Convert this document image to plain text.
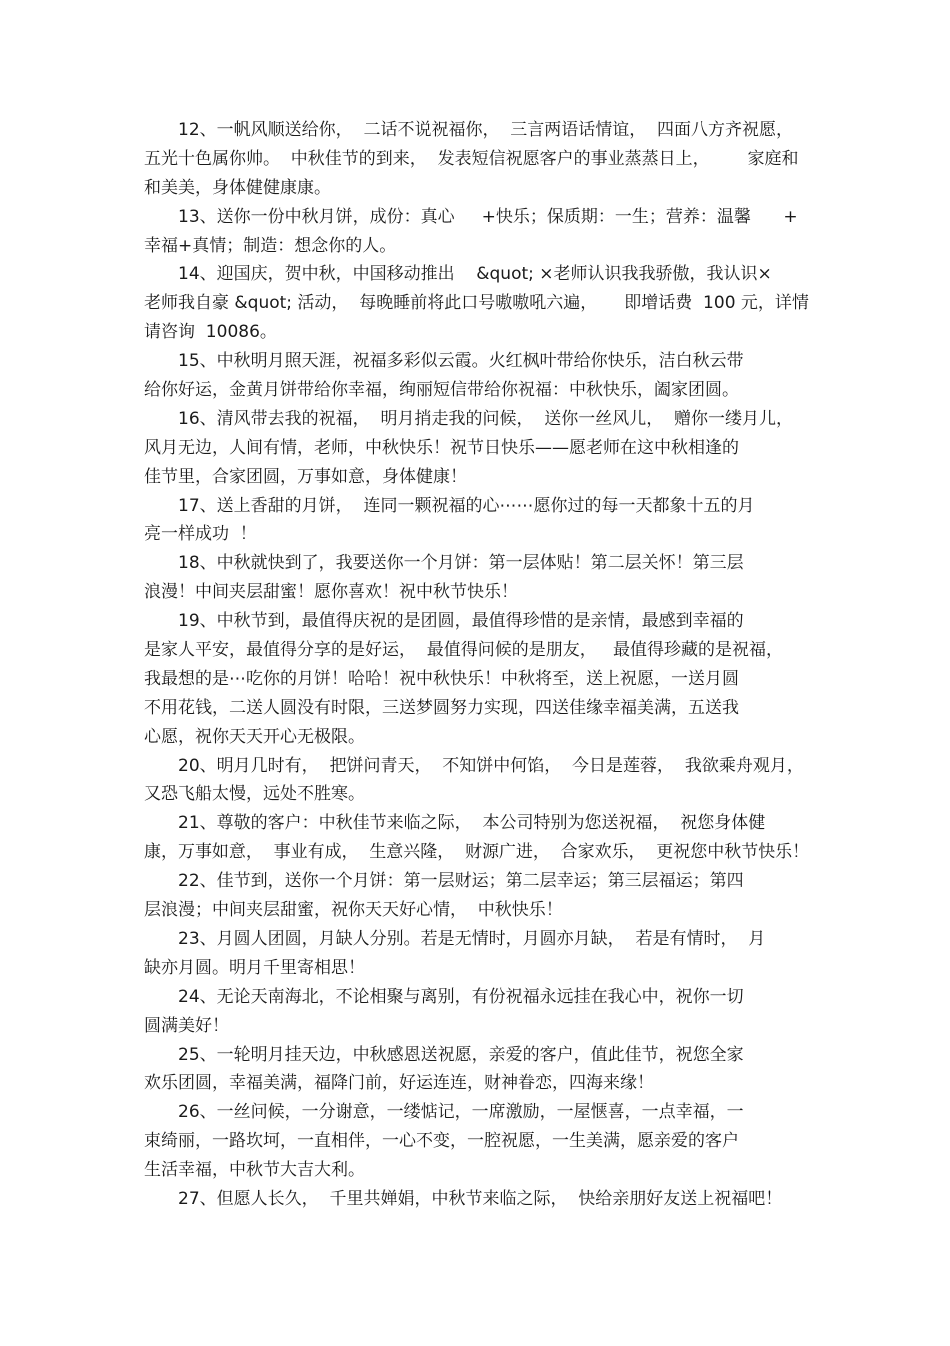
12、一帆风顺送给你，  二话不说祝福你，  三言两语话情谊，  四面八方齐祝愿，
五光十色属你帅。  中秋佳节的到来，  发表短信祝愿客户的事业蒸蒸日上，       家庭和
和美美，身体健健康康。
13、送你一份中秋月饼，成份：真心     +快乐；保质期：一生；营养：温馨      +
幸福+真情；制造：想念你的人。
14、迎国庆，贺中秋，中国移动推出    &quot; ×老师认识我我骄傲，我认识×
老师我自豪 &quot; 活动，  每晚睡前将此口号嗷嗷吼六遍，     即增话费  100 元，详情
请咨询  10086。
15、中秋明月照天涯，祝福多彩似云霞。火红枫叶带给你快乐，洁白秋云带
给你好运，金黄月饼带给你幸福，绚丽短信带给你祝福：中秋快乐，阖家团圆。
16、清风带去我的祝福，  明月捎走我的问候，  送你一丝风儿，  赠你一缕月儿，
风月无边，人间有情，老师，中秋快乐！祝节日快乐——愿老师在这中秋相逢的
佳节里，合家团圆，万事如意，身体健康！
17、送上香甜的月饼，  连同一颗祝福的心⋯⋯愿你过的每一天都象十五的月
亮一样成功  ！
18、中秋就快到了，我要送你一个月饼：第一层体贴！第二层关怀！第三层
浪漫！中间夹层甜蜜！愿你喜欢！祝中秋节快乐！
19、中秋节到，最值得庆祝的是团圆，最值得珍惜的是亲情，最感到幸福的
是家人平安，最值得分享的是好运，  最值得问候的是朋友，   最值得珍藏的是祝福，
我最想的是⋯吃你的月饼！哈哈！祝中秋快乐！中秋将至，送上祝愿，一送月圆
不用花钱，二送人圆没有时限，三送梦圆努力实现，四送佳缘幸福美满，五送我
心愿，祝你天天开心无极限。
20、明月几时有，  把饼问青天，  不知饼中何馅，  今日是莲蓉，  我欲乘舟观月，
又恐飞船太慢，远处不胜寒。
21、尊敬的客户：中秋佳节来临之际，  本公司特别为您送祝福，  祝您身体健
康，万事如意，  事业有成，  生意兴隆，  财源广进，  合家欢乐，  更祝您中秋节快乐！
22、佳节到，送你一个月饼：第一层财运；第二层幸运；第三层福运；第四
层浪漫；中间夹层甜蜜，祝你天天好心情，  中秋快乐！
23、月圆人团圆，月缺人分别。若是无情时，月圆亦月缺，  若是有情时，  月
缺亦月圆。明月千里寄相思！
24、无论天南海北，不论相聚与离别，有份祝福永远挂在我心中，祝你一切
圆满美好！
25、一轮明月挂天边，中秋感恩送祝愿，亲爱的客户，值此佳节，祝您全家
欢乐团圆，幸福美满，福降门前，好运连连，财神眷恋，四海来缘！
26、一丝问候，一分谢意，一缕惦记，一席激励，一屋惬喜，一点幸福，一
束绮丽，一路坎坷，一直相伴，一心不变，一腔祝愿，一生美满，愿亲爱的客户
生活幸福，中秋节大吉大利。
27、但愿人长久，  千里共婵娟，中秋节来临之际，  快给亲朋好友送上祝福吧！
